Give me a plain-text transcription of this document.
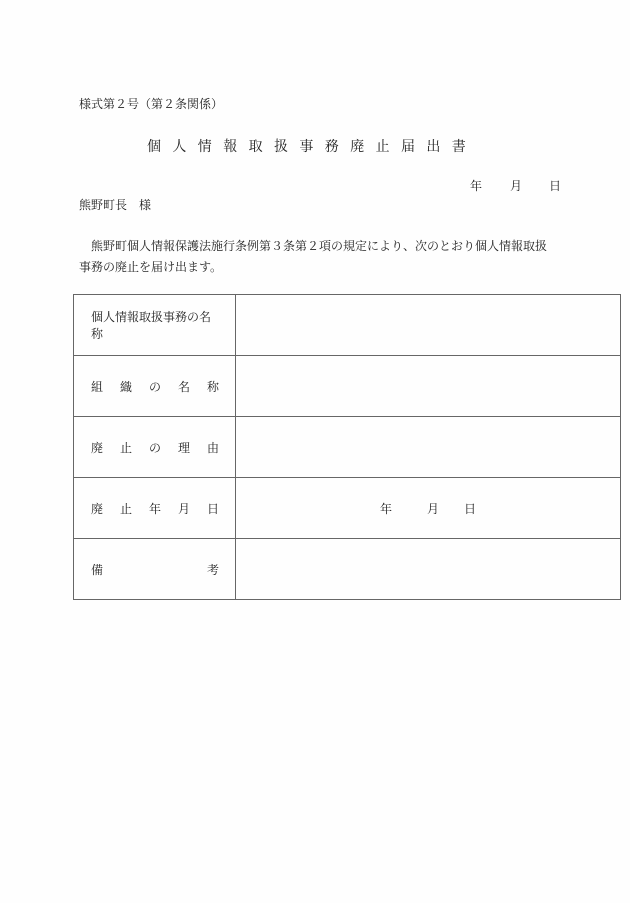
様式第２号（第２条関係）
個人情報取扱事務廃止届出書
年 月 日
熊野町長　様
熊野町個人情報保護法施行条例第３条第２項の規定により、次のとおり個人情報取扱事務の廃止を届け出ます。
個人情報取扱事務の名称	

組 織 の 名 称	

廃 止 の 理 由	

廃 止 年 月 日	年 月 日

備 考	
